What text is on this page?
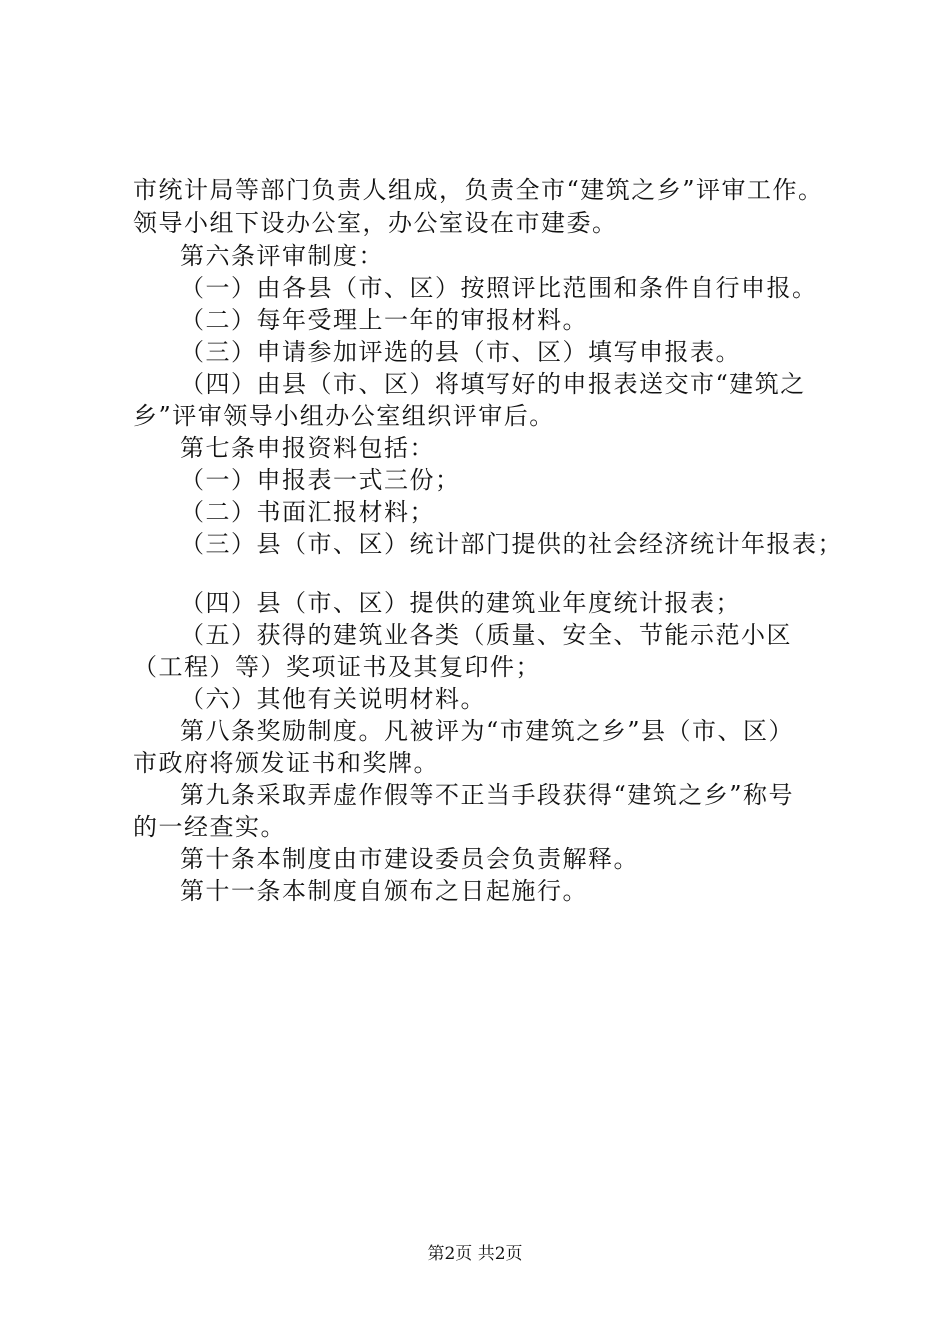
市统计局等部门负责人组成，负责全市“建筑之乡”评审工作。
领导小组下设办公室，办公室设在市建委。
第六条评审制度：
（一）由各县（市、区）按照评比范围和条件自行申报。
（二）每年受理上一年的审报材料。
（三）申请参加评选的县（市、区）填写申报表。
（四）由县（市、区）将填写好的申报表送交市“建筑之
乡”评审领导小组办公室组织评审后。
第七条申报资料包括：
（一）申报表一式三份；
（二）书面汇报材料；
（三）县（市、区）统计部门提供的社会经济统计年报表；
（四）县（市、区）提供的建筑业年度统计报表；
（五）获得的建筑业各类（质量、安全、节能示范小区
（工程）等）奖项证书及其复印件；
（六）其他有关说明材料。
第八条奖励制度。凡被评为“市建筑之乡”县（市、区）
市政府将颁发证书和奖牌。
第九条采取弄虚作假等不正当手段获得“建筑之乡”称号
的一经查实。
第十条本制度由市建设委员会负责解释。
第十一条本制度自颁布之日起施行。
第2页 共2页
